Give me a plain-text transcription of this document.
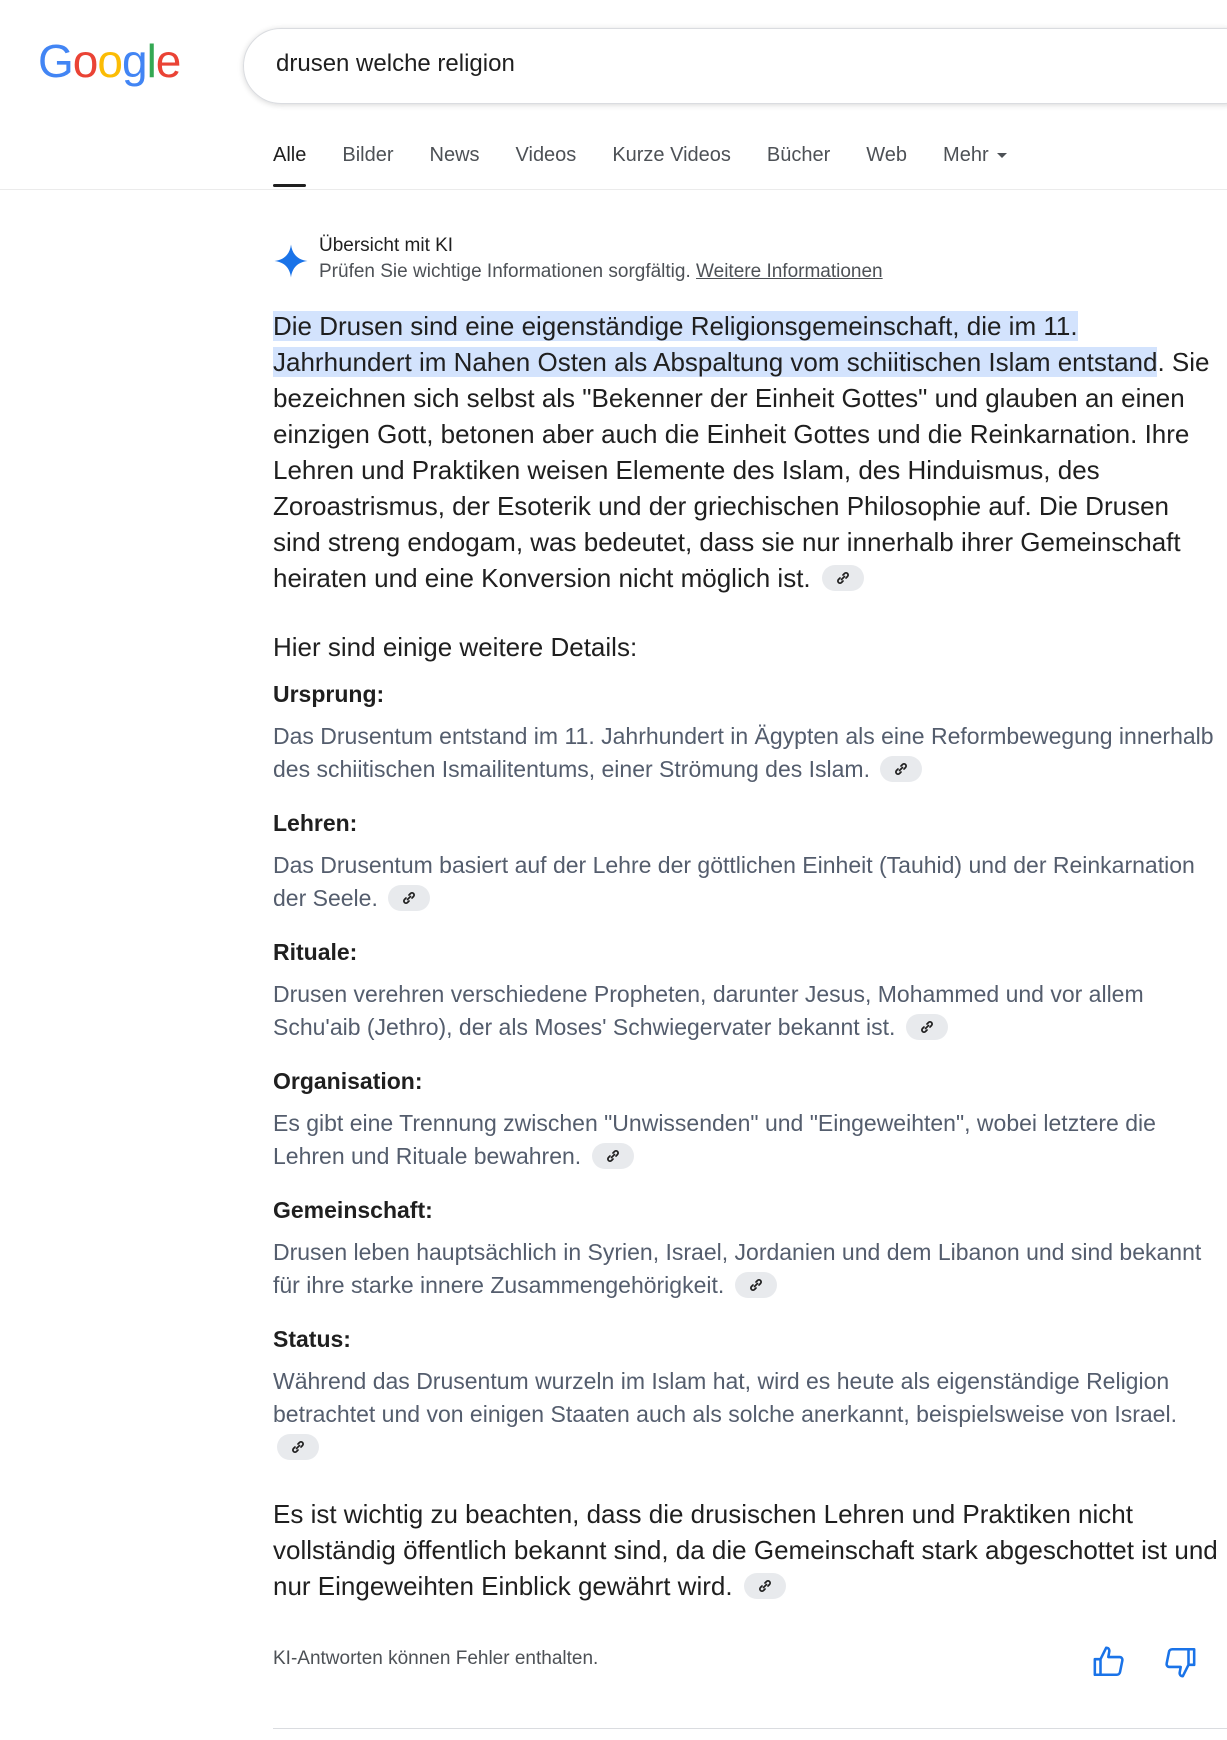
Google
drusen welche religion
Alle Bilder News Videos Kurze Videos Bücher Web Mehr
Übersicht mit KI
Prüfen Sie wichtige Informationen sorgfältig. Weitere Informationen

Die Drusen sind eine eigenständige Religionsgemeinschaft, die im 11. Jahrhundert im Nahen Osten als Abspaltung vom schiitischen Islam entstand. Sie bezeichnen sich selbst als "Bekenner der Einheit Gottes" und glauben an einen einzigen Gott, betonen aber auch die Einheit Gottes und die Reinkarnation. Ihre Lehren und Praktiken weisen Elemente des Islam, des Hinduismus, des Zoroastrismus, der Esoterik und der griechischen Philosophie auf. Die Drusen sind streng endogam, was bedeutet, dass sie nur innerhalb ihrer Gemeinschaft heiraten und eine Konversion nicht möglich ist.

Hier sind einige weitere Details:
Ursprung:

Das Drusentum entstand im 11. Jahrhundert in Ägypten als eine Reformbewegung innerhalb des schiitischen Ismailitentums, einer Strömung des Islam.

Lehren:

Das Drusentum basiert auf der Lehre der göttlichen Einheit (Tauhid) und der Reinkarnation der Seele.

Rituale:

Drusen verehren verschiedene Propheten, darunter Jesus, Mohammed und vor allem Schu'aib (Jethro), der als Moses' Schwiegervater bekannt ist.

Organisation:

Es gibt eine Trennung zwischen "Unwissenden" und "Eingeweihten", wobei letztere die Lehren und Rituale bewahren.

Gemeinschaft:

Drusen leben hauptsächlich in Syrien, Israel, Jordanien und dem Libanon und sind bekannt für ihre starke innere Zusammengehörigkeit.

Status:

Während das Drusentum wurzeln im Islam hat, wird es heute als eigenständige Religion betrachtet und von einigen Staaten auch als solche anerkannt, beispielsweise von Israel.

Es ist wichtig zu beachten, dass die drusischen Lehren und Praktiken nicht vollständig öffentlich bekannt sind, da die Gemeinschaft stark abgeschottet ist und nur Eingeweihten Einblick gewährt wird.

KI-Antworten können Fehler enthalten.
